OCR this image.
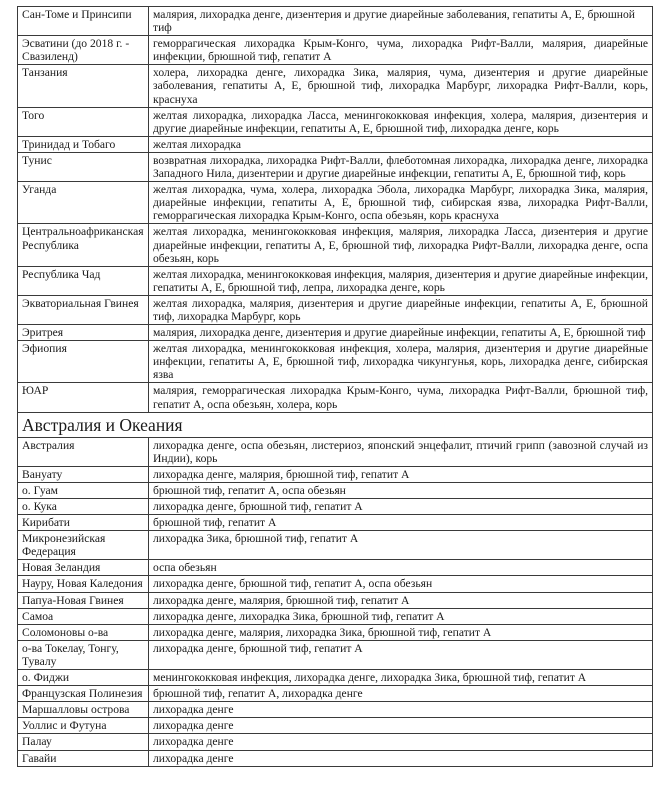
Сан-Томе и Принсипи	малярия, лихорадка денге, дизентерия и другие диарейные заболевания, гепатиты А, Е, брюшной тиф
Эсватини (до 2018 г. - Свазиленд)	геморрагическая лихорадка Крым-Конго, чума, лихорадка Рифт-Валли, малярия, диарейные инфекции, брюшной тиф, гепатит А
Танзания	холера, лихорадка денге, лихорадка Зика, малярия, чума, дизентерия и другие диарейные заболевания, гепатиты А, Е, брюшной тиф, лихорадка Марбург, лихорадка Рифт-Валли, корь, краснуха
Того	желтая лихорадка, лихорадка Ласса, менингококковая инфекция, холера, малярия, дизентерия и другие диарейные инфекции, гепатиты А, Е, брюшной тиф, лихорадка денге, корь
Тринидад и Тобаго	желтая лихорадка
Тунис	возвратная лихорадка, лихорадка Рифт-Валли, флеботомная лихорадка, лихорадка денге, лихорадка Западного Нила, дизентерии и другие диарейные инфекции, гепатиты А, Е, брюшной тиф, корь
Уганда	желтая лихорадка, чума, холера, лихорадка Эбола, лихорадка Марбург, лихорадка Зика, малярия, диарейные инфекции, гепатиты А, Е, брюшной тиф, сибирская язва, лихорадка Рифт-Валли, геморрагическая лихорадка Крым-Конго, оспа обезьян, корь краснуха
Центральноафриканская Республика	желтая лихорадка, менингококковая инфекция, малярия, лихорадка Ласса, дизентерия и другие диарейные инфекции, гепатиты А, Е, брюшной тиф, лихорадка Рифт-Валли, лихорадка денге, оспа обезьян, корь
Республика Чад	желтая лихорадка, менингококковая инфекция, малярия, дизентерия и другие диарейные инфекции, гепатиты А, Е, брюшной тиф, лепра, лихорадка денге, корь
Экваториальная Гвинея	желтая лихорадка, малярия, дизентерия и другие диарейные инфекции, гепатиты А, Е, брюшной тиф, лихорадка Марбург, корь
Эритрея	малярия, лихорадка денге, дизентерия и другие диарейные инфекции, гепатиты А, Е, брюшной тиф
Эфиопия	желтая лихорадка, менингококковая инфекция, холера, малярия, дизентерия и другие диарейные инфекции, гепатиты А, Е, брюшной тиф, лихорадка чикунгунья, корь, лихорадка денге, сибирская язва
ЮАР	малярия, геморрагическая лихорадка Крым-Конго, чума, лихорадка Рифт-Валли, брюшной тиф, гепатит А, оспа обезьян, холера, корь
Австралия и Океания	
Австралия	лихорадка денге, оспа обезьян, листериоз, японский энцефалит, птичий грипп (завозной случай из Индии), корь
Вануату	лихорадка денге, малярия, брюшной тиф, гепатит А
о. Гуам	брюшной тиф, гепатит А, оспа обезьян
о. Кука	лихорадка денге, брюшной тиф, гепатит А
Кирибати	брюшной тиф, гепатит А
Микронезийская Федерация	лихорадка Зика, брюшной тиф, гепатит А
Новая Зеландия	оспа обезьян
Науру, Новая Каледония	лихорадка денге, брюшной тиф, гепатит А, оспа обезьян
Папуа-Новая Гвинея	лихорадка денге, малярия, брюшной тиф, гепатит А
Самоа	лихорадка денге, лихорадка Зика, брюшной тиф, гепатит А
Соломоновы о-ва	лихорадка денге, малярия, лихорадка Зика, брюшной тиф, гепатит А
о-ва Токелау, Тонгу, Тувалу	лихорадка денге, брюшной тиф, гепатит А
о. Фиджи	менингококковая инфекция, лихорадка денге, лихорадка Зика, брюшной тиф, гепатит А
Французская Полинезия	брюшной тиф, гепатит А, лихорадка денге
Маршалловы острова	лихорадка денге
Уоллис и Футуна	лихорадка денге
Палау	лихорадка денге
Гавайи	лихорадка денге
